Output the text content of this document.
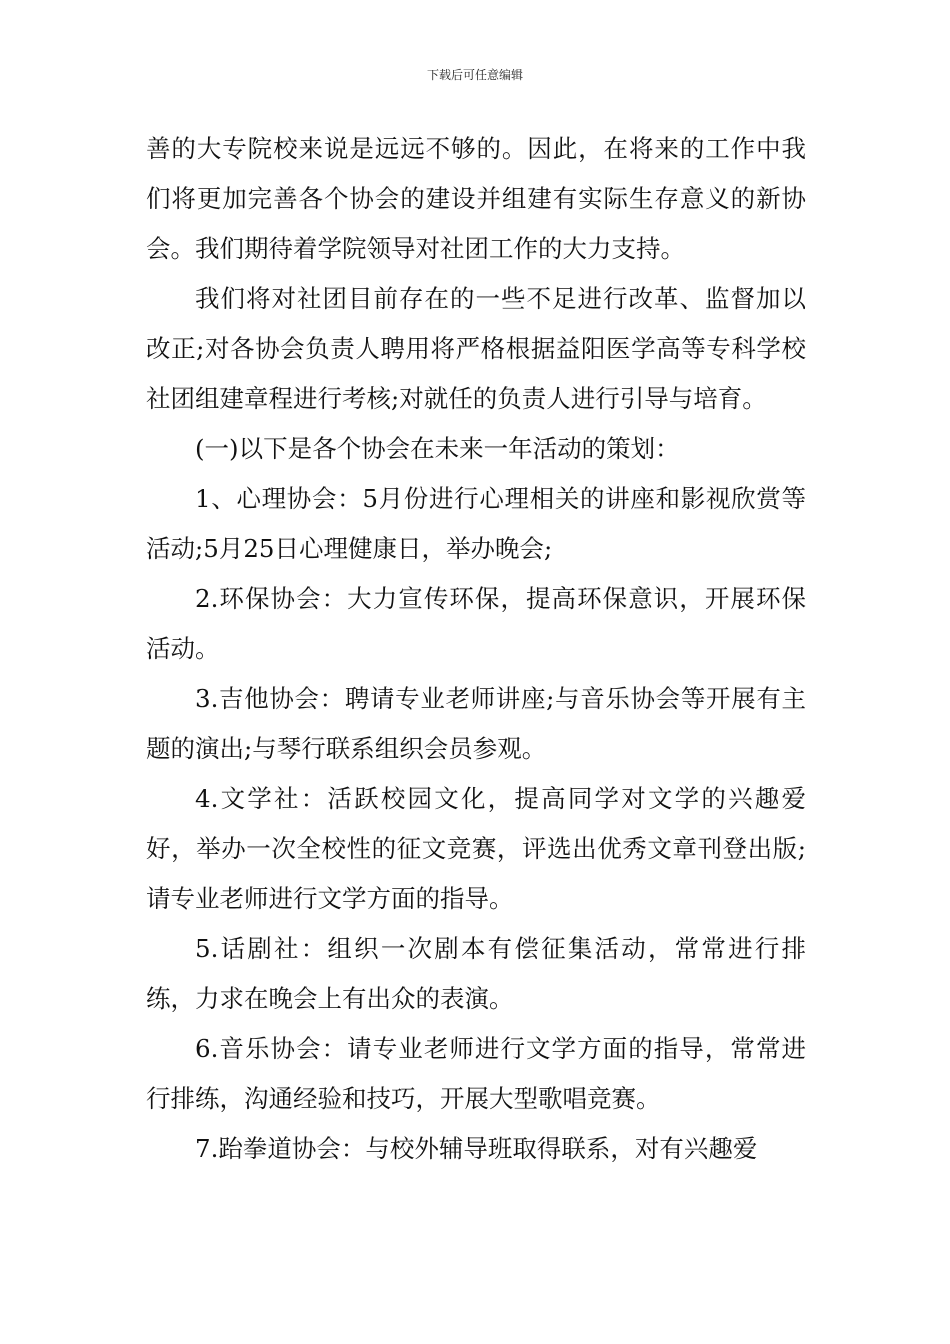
下载后可任意编辑

善的大专院校来说是远远不够的。因此，在将来的工作中我们将更加完善各个协会的建设并组建有实际生存意义的新协会。我们期待着学院领导对社团工作的大力支持。

我们将对社团目前存在的一些不足进行改革、监督加以改正;对各协会负责人聘用将严格根据益阳医学高等专科学校社团组建章程进行考核;对就任的负责人进行引导与培育。

(一)以下是各个协会在未来一年活动的策划：

1、心理协会：5月份进行心理相关的讲座和影视欣赏等活动;5月25日心理健康日，举办晚会;

2.环保协会：大力宣传环保，提高环保意识，开展环保活动。

3.吉他协会：聘请专业老师讲座;与音乐协会等开展有主题的演出;与琴行联系组织会员参观。

4.文学社：活跃校园文化，提高同学对文学的兴趣爱好，举办一次全校性的征文竞赛，评选出优秀文章刊登出版;请专业老师进行文学方面的指导。

5.话剧社：组织一次剧本有偿征集活动，常常进行排练，力求在晚会上有出众的表演。

6.音乐协会：请专业老师进行文学方面的指导，常常进行排练，沟通经验和技巧，开展大型歌唱竞赛。

7.跆拳道协会：与校外辅导班取得联系，对有兴趣爱
